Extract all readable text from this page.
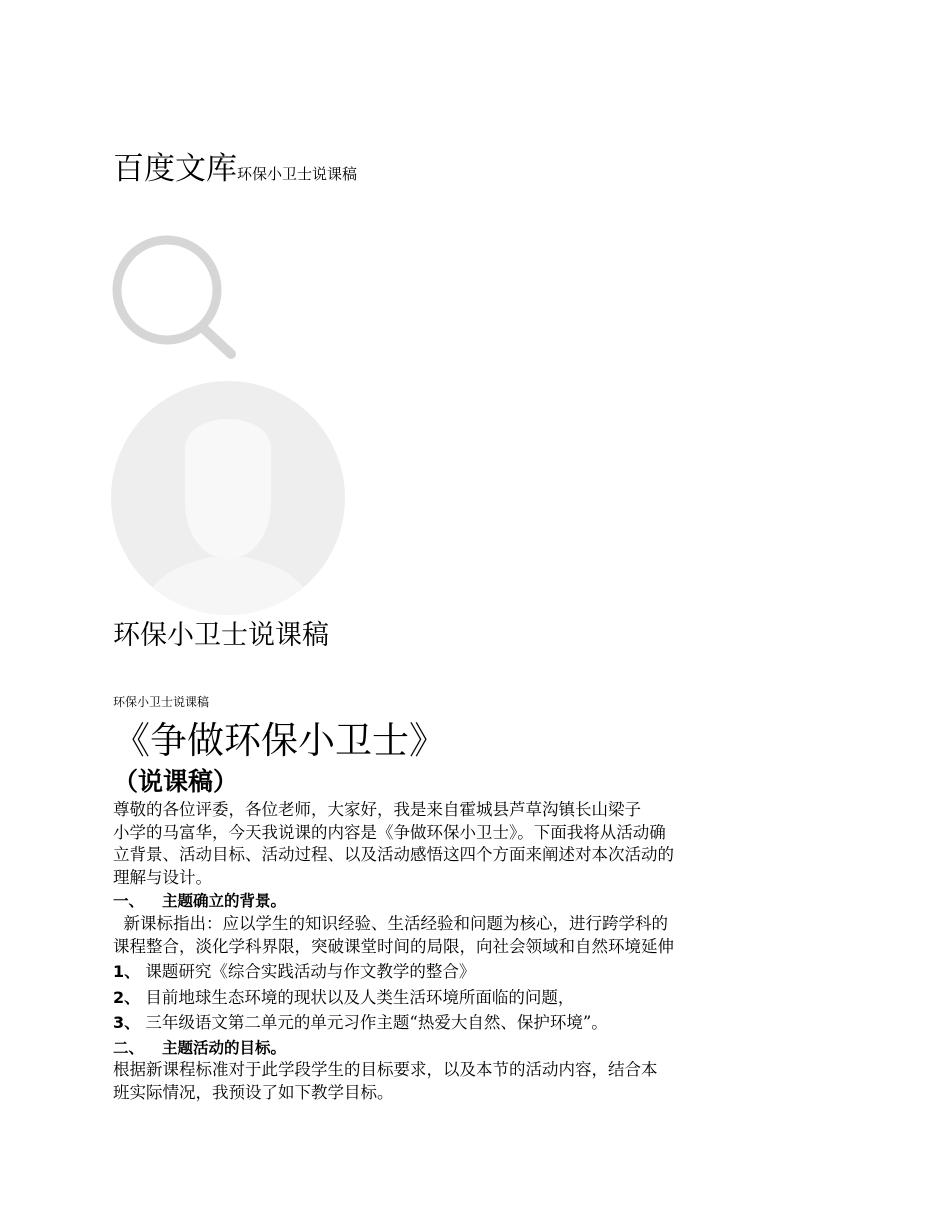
百度文库环保小卫士说课稿
环保小卫士说课稿
环保小卫士说课稿
《争做环保小卫士》
（说课稿）
尊敬的各位评委，各位老师，大家好，我是来自霍城县芦草沟镇长山梁子
小学的马富华，今天我说课的内容是《争做环保小卫士》。下面我将从活动确
立背景、活动目标、活动过程、以及活动感悟这四个方面来阐述对本次活动的
理解与设计。
一、 主题确立的背景。
新课标指出：应以学生的知识经验、生活经验和问题为核心，进行跨学科的
课程整合，淡化学科界限，突破课堂时间的局限，向社会领域和自然环境延伸
1、 课题研究《综合实践活动与作文教学的整合》
2、 目前地球生态环境的现状以及人类生活环境所面临的问题，
3、 三年级语文第二单元的单元习作主题“热爱大自然、保护环境”。
二、 主题活动的目标。
根据新课程标准对于此学段学生的目标要求，以及本节的活动内容，结合本
班实际情况，我预设了如下教学目标。
